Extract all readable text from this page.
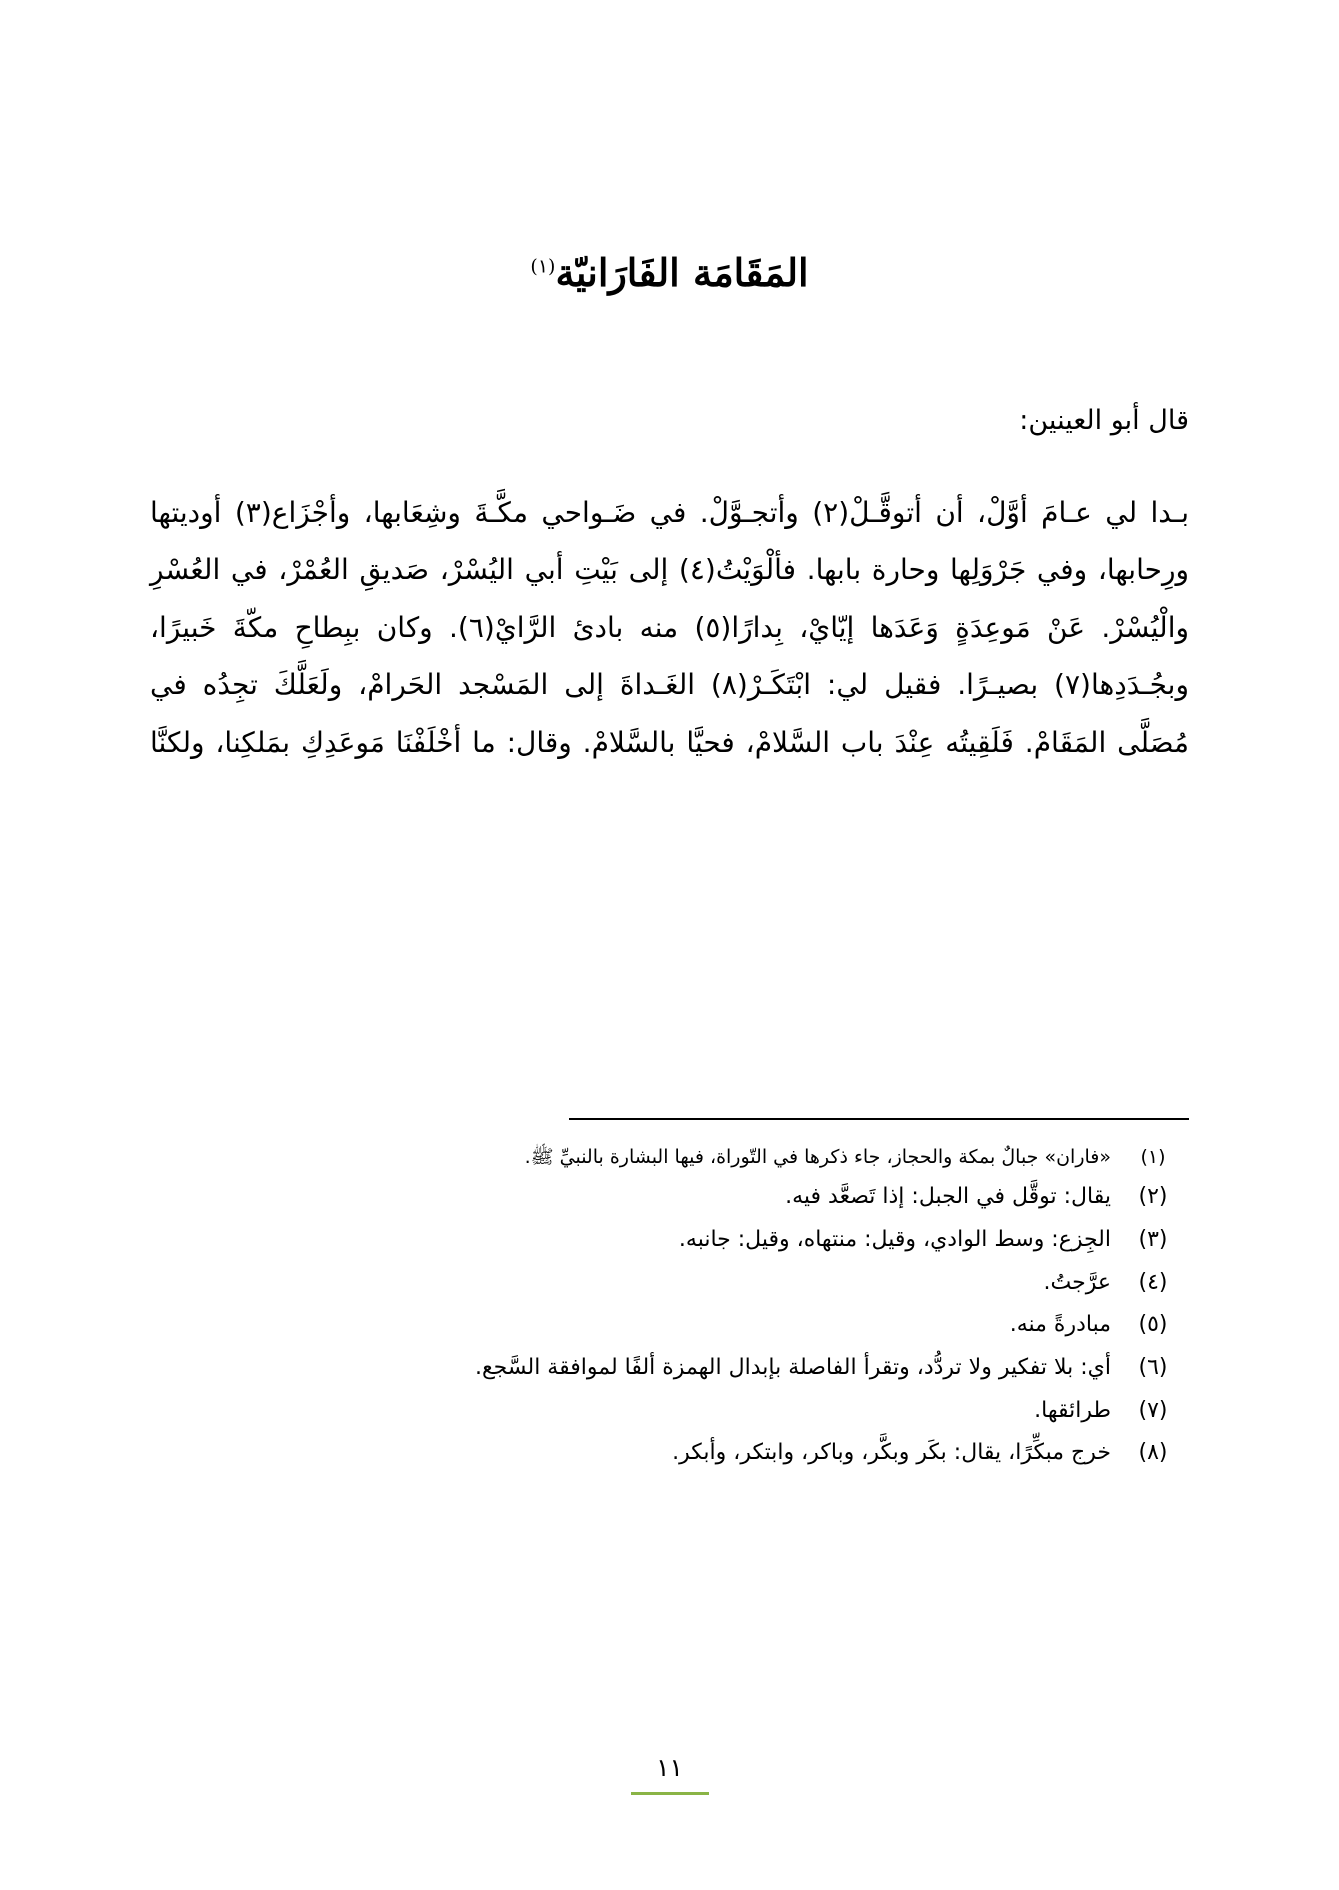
المَقَامَة الفَارَانيّة$^{(١)}$

قال أبو العينين:

بـدا لي عـامَ أوَّلْ، أن أتوقَّـلْ(٢) وأتجـوَّلْ. في ضَـواحي مكَّـةَ وشِعَابها، وأجْزَاع(٣) أوديتها ورِحابها، وفي جَرْوَلِها وحارة بابها. فألْوَيْتُ(٤) إلى بَيْتِ أبي اليُسْرْ، صَديقِ العُمْرْ، في العُسْرِ والْيُسْرْ. عَنْ مَوعِدَةٍ وَعَدَها إيّايْ، بِدارًا(٥) منه بادئ الرَّايْ(٦). وكان ببِطاحِ مكّةَ خَبيرًا، وبجُـدَدِها(٧) بصيـرًا. فقيل لي: ابْتَكَـرْ(٨) الغَـداةَ إلى المَسْجد الحَرامْ، ولَعَلَّكَ تجِدُه في مُصَلَّى المَقَامْ. فَلَقِيتُه عِنْدَ باب السَّلامْ، فحيَّا بالسَّلامْ. وقال: ما أخْلَفْنَا مَوعَدِكِ بمَلكِنا، ولكنَّا

(١)
«فاران» جبالٌ بمكة والحجاز، جاء ذكرها في التّوراة، فيها البشارة بالنبيِّ ﷺ.
(٢)
يقال: توقَّل في الجبل: إذا تَصعَّد فيه.
(٣)
الجِزع: وسط الوادي، وقيل: منتهاه، وقيل: جانبه.
(٤)
عرَّجتُ.
(٥)
مبادرةً منه.
(٦)
أي: بلا تفكير ولا تردُّد، وتقرأ الفاصلة بإبدال الهمزة ألفًا لموافقة السَّجع.
(٧)
طرائقها.
(٨)
خرج مبكِّرًا، يقال: بكَر وبكَّر، وباكر، وابتكر، وأبكر.
١١
